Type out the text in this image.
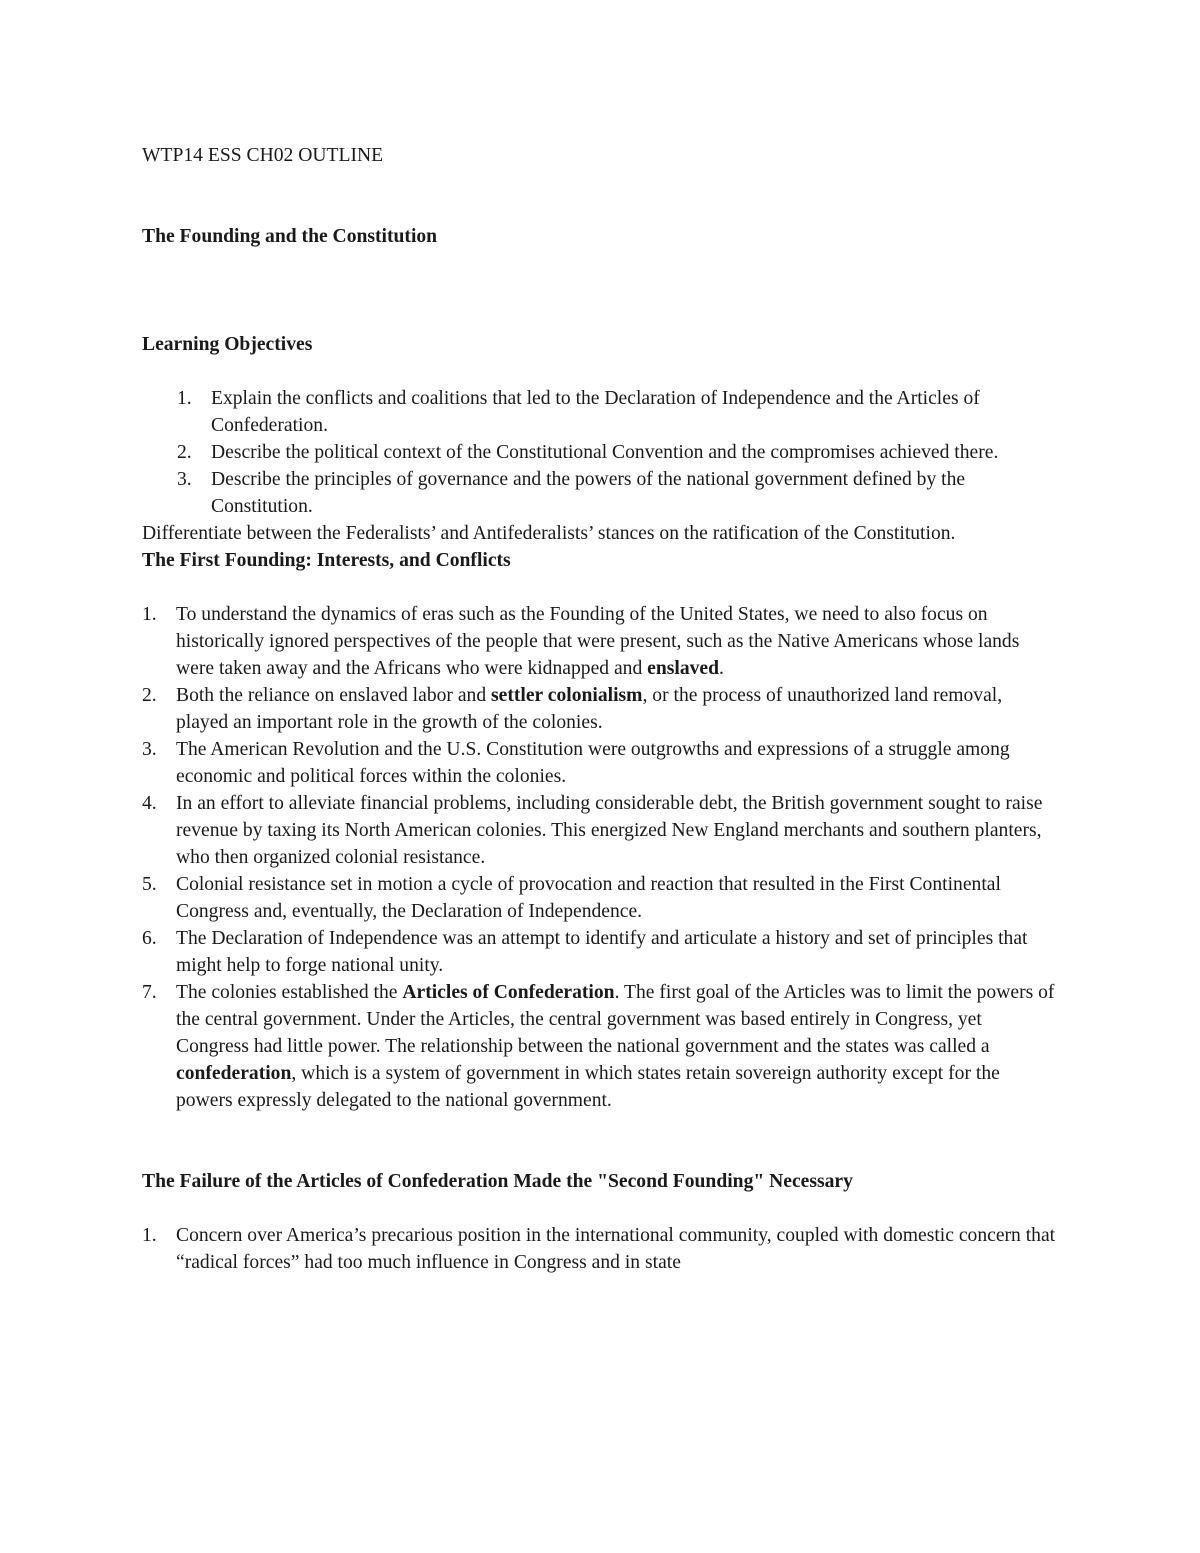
WTP14 ESS CH02 OUTLINE

The Founding and the Constitution

Learning Objectives

1. Explain the conflicts and coalitions that led to the Declaration of Independence and the Articles of Confederation.
2. Describe the political context of the Constitutional Convention and the compromises achieved there.
3. Describe the principles of governance and the powers of the national government defined by the Constitution.

Differentiate between the Federalists’ and Antifederalists’ stances on the ratification of the Constitution.

The First Founding: Interests, and Conflicts

1. To understand the dynamics of eras such as the Founding of the United States, we need to also focus on historically ignored perspectives of the people that were present, such as the Native Americans whose lands were taken away and the Africans who were kidnapped and enslaved.
2. Both the reliance on enslaved labor and settler colonialism, or the process of unauthorized land removal, played an important role in the growth of the colonies.
3. The American Revolution and the U.S. Constitution were outgrowths and expressions of a struggle among economic and political forces within the colonies.
4. In an effort to alleviate financial problems, including considerable debt, the British government sought to raise revenue by taxing its North American colonies. This energized New England merchants and southern planters, who then organized colonial resistance.
5. Colonial resistance set in motion a cycle of provocation and reaction that resulted in the First Continental Congress and, eventually, the Declaration of Independence.
6. The Declaration of Independence was an attempt to identify and articulate a history and set of principles that might help to forge national unity.
7. The colonies established the Articles of Confederation. The first goal of the Articles was to limit the powers of the central government. Under the Articles, the central government was based entirely in Congress, yet Congress had little power. The relationship between the national government and the states was called a confederation, which is a system of government in which states retain sovereign authority except for the powers expressly delegated to the national government.

The Failure of the Articles of Confederation Made the "Second Founding" Necessary

1. Concern over America’s precarious position in the international community, coupled with domestic concern that “radical forces” had too much influence in Congress and in state
